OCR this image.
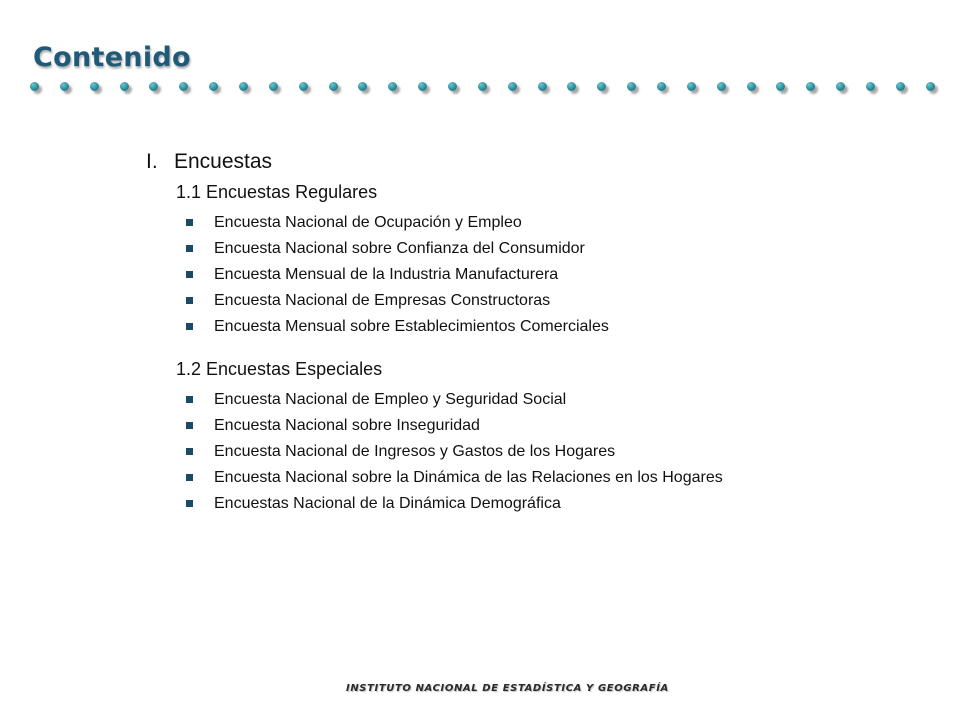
Contenido
I. Encuestas
1.1 Encuestas Regulares
Encuesta Nacional de Ocupación y Empleo
Encuesta Nacional sobre Confianza del Consumidor
Encuesta Mensual de la Industria Manufacturera
Encuesta Nacional de Empresas Constructoras
Encuesta Mensual sobre Establecimientos Comerciales
1.2 Encuestas Especiales
Encuesta Nacional de Empleo y Seguridad Social
Encuesta Nacional sobre Inseguridad
Encuesta Nacional de Ingresos y Gastos de los Hogares
Encuesta Nacional sobre la Dinámica de las Relaciones en los Hogares
Encuestas Nacional de la Dinámica Demográfica
INSTITUTO NACIONAL DE ESTADÍSTICA Y GEOGRAFÍA
